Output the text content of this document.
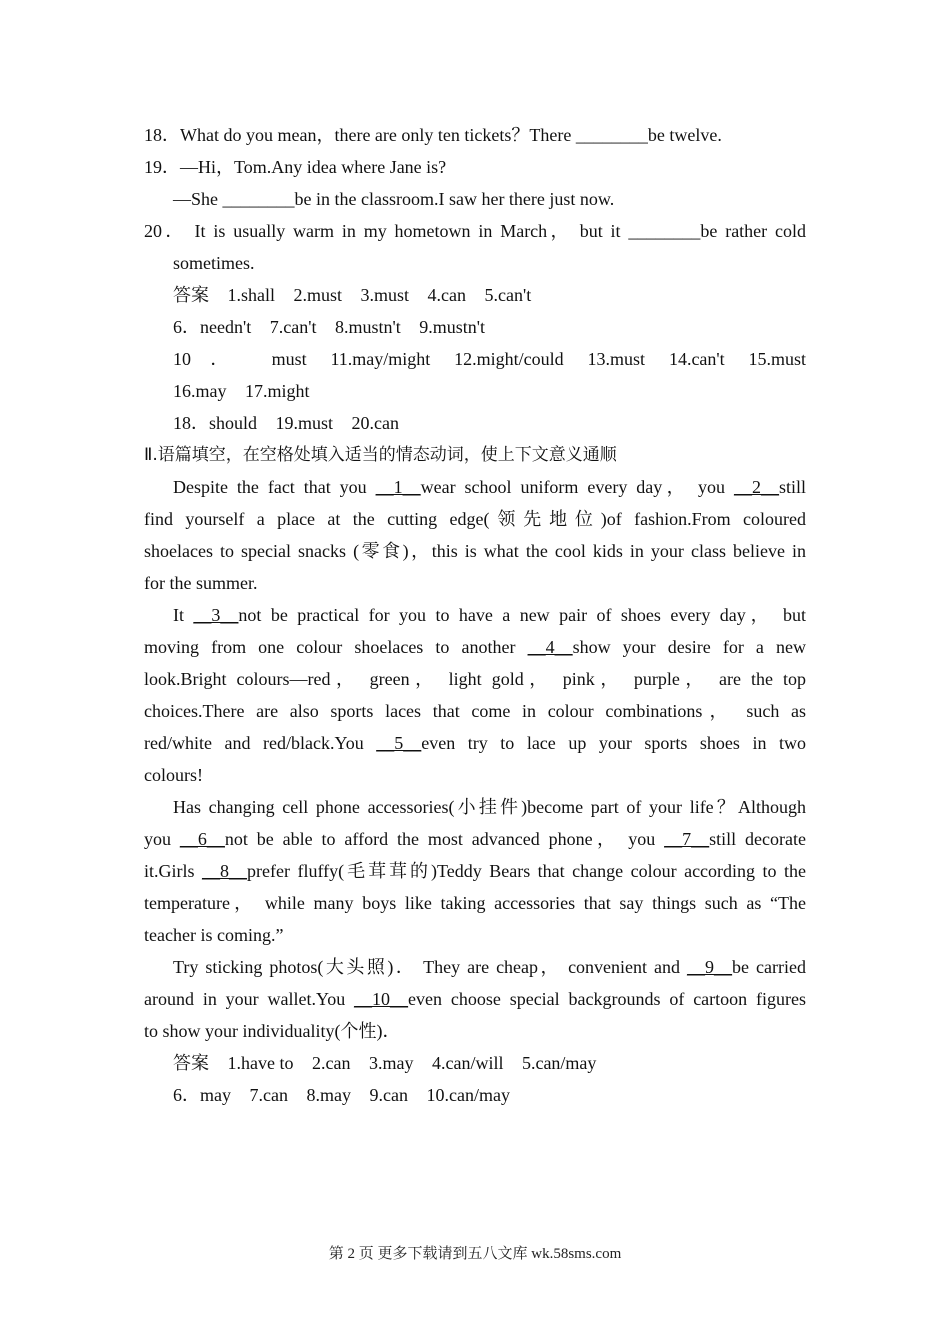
18．What do you mean，there are only ten tickets？There ________be twelve.
19．—Hi，Tom.Any idea where Jane is?
—She ________be in the classroom.I saw her there just now.
20． It is usually warm in my hometown in March， but it ________be rather cold
sometimes.
答案 1.shall 2.must 3.must 4.can 5.can't
6．needn't 7.can't 8.mustn't 9.mustn't
10． must 11.may/might 12.might/could 13.must 14.can't 15.must
16.may 17.might
18．should 19.must 20.can
Ⅱ.语篇填空，在空格处填入适当的情态动词，使上下文意义通顺
Despite the fact that you __1__wear school uniform every day， you __2__still
find yourself a place at the cutting edge(领先地位)of fashion.From coloured
shoelaces to special snacks (零食)，this is what the cool kids in your class believe in
for the summer.
It __3__not be practical for you to have a new pair of shoes every day， but
moving from one colour shoelaces to another __4__show your desire for a new
look.Bright colours—red， green， light gold， pink， purple， are the top
choices.There are also sports laces that come in colour combinations， such as
red/white and red/black.You __5__even try to lace up your sports shoes in two
colours!
Has changing cell phone accessories(小挂件)become part of your life？Although
you __6__not be able to afford the most advanced phone， you __7__still decorate
it.Girls __8__prefer fluffy(毛茸茸的)Teddy Bears that change colour according to the
temperature， while many boys like taking accessories that say things such as “The
teacher is coming.”
Try sticking photos(大头照)． They are cheap， convenient and __9__be carried
around in your wallet.You __10__even choose special backgrounds of cartoon figures
to show your individuality(个性)．
答案 1.have to 2.can 3.may 4.can/will 5.can/may
6．may 7.can 8.may 9.can 10.can/may
第 2 页 更多下载请到五八文库 wk.58sms.com
